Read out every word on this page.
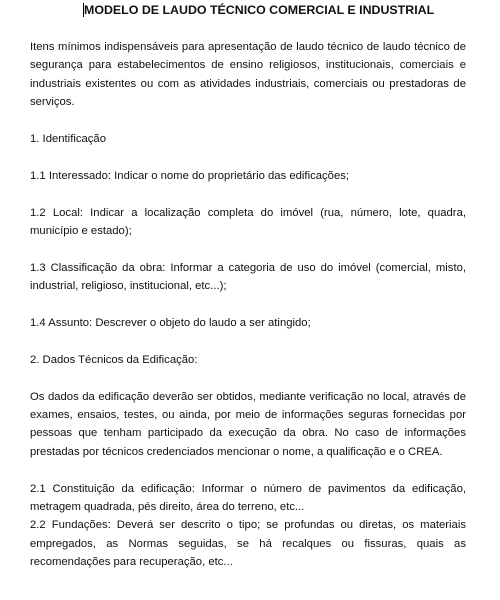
MODELO DE LAUDO TÉCNICO COMERCIAL E INDUSTRIAL

Itens mínimos indispensáveis para apresentação de laudo técnico de laudo técnico de segurança para estabelecimentos de ensino religiosos, institucionais, comerciais e industriais existentes ou com as atividades industriais, comerciais ou prestadoras de serviços.

1. Identificação

1.1 Interessado: Indicar o nome do proprietário das edificações;

1.2 Local: Indicar a localização completa do imóvel (rua, número, lote, quadra, município e estado);

1.3 Classificação da obra: Informar a categoria de uso do imóvel (comercial, misto, industrial, religioso, institucional, etc...);

1.4 Assunto: Descrever o objeto do laudo a ser atingido;

2. Dados Técnicos da Edificação:

Os dados da edificação deverão ser obtidos, mediante verificação no local, através de exames, ensaios, testes, ou ainda, por meio de informações seguras fornecidas por pessoas que tenham participado da execução da obra. No caso de informações prestadas por técnicos credenciados mencionar o nome, a qualificação e o CREA.

2.1 Constituição da edificação: Informar o número de pavimentos da edificação, metragem quadrada, pés direito, área do terreno, etc...

2.2 Fundações: Deverá ser descrito o tipo; se profundas ou diretas, os materiais empregados, as Normas seguidas, se há recalques ou fissuras, quais as recomendações para recuperação, etc...
